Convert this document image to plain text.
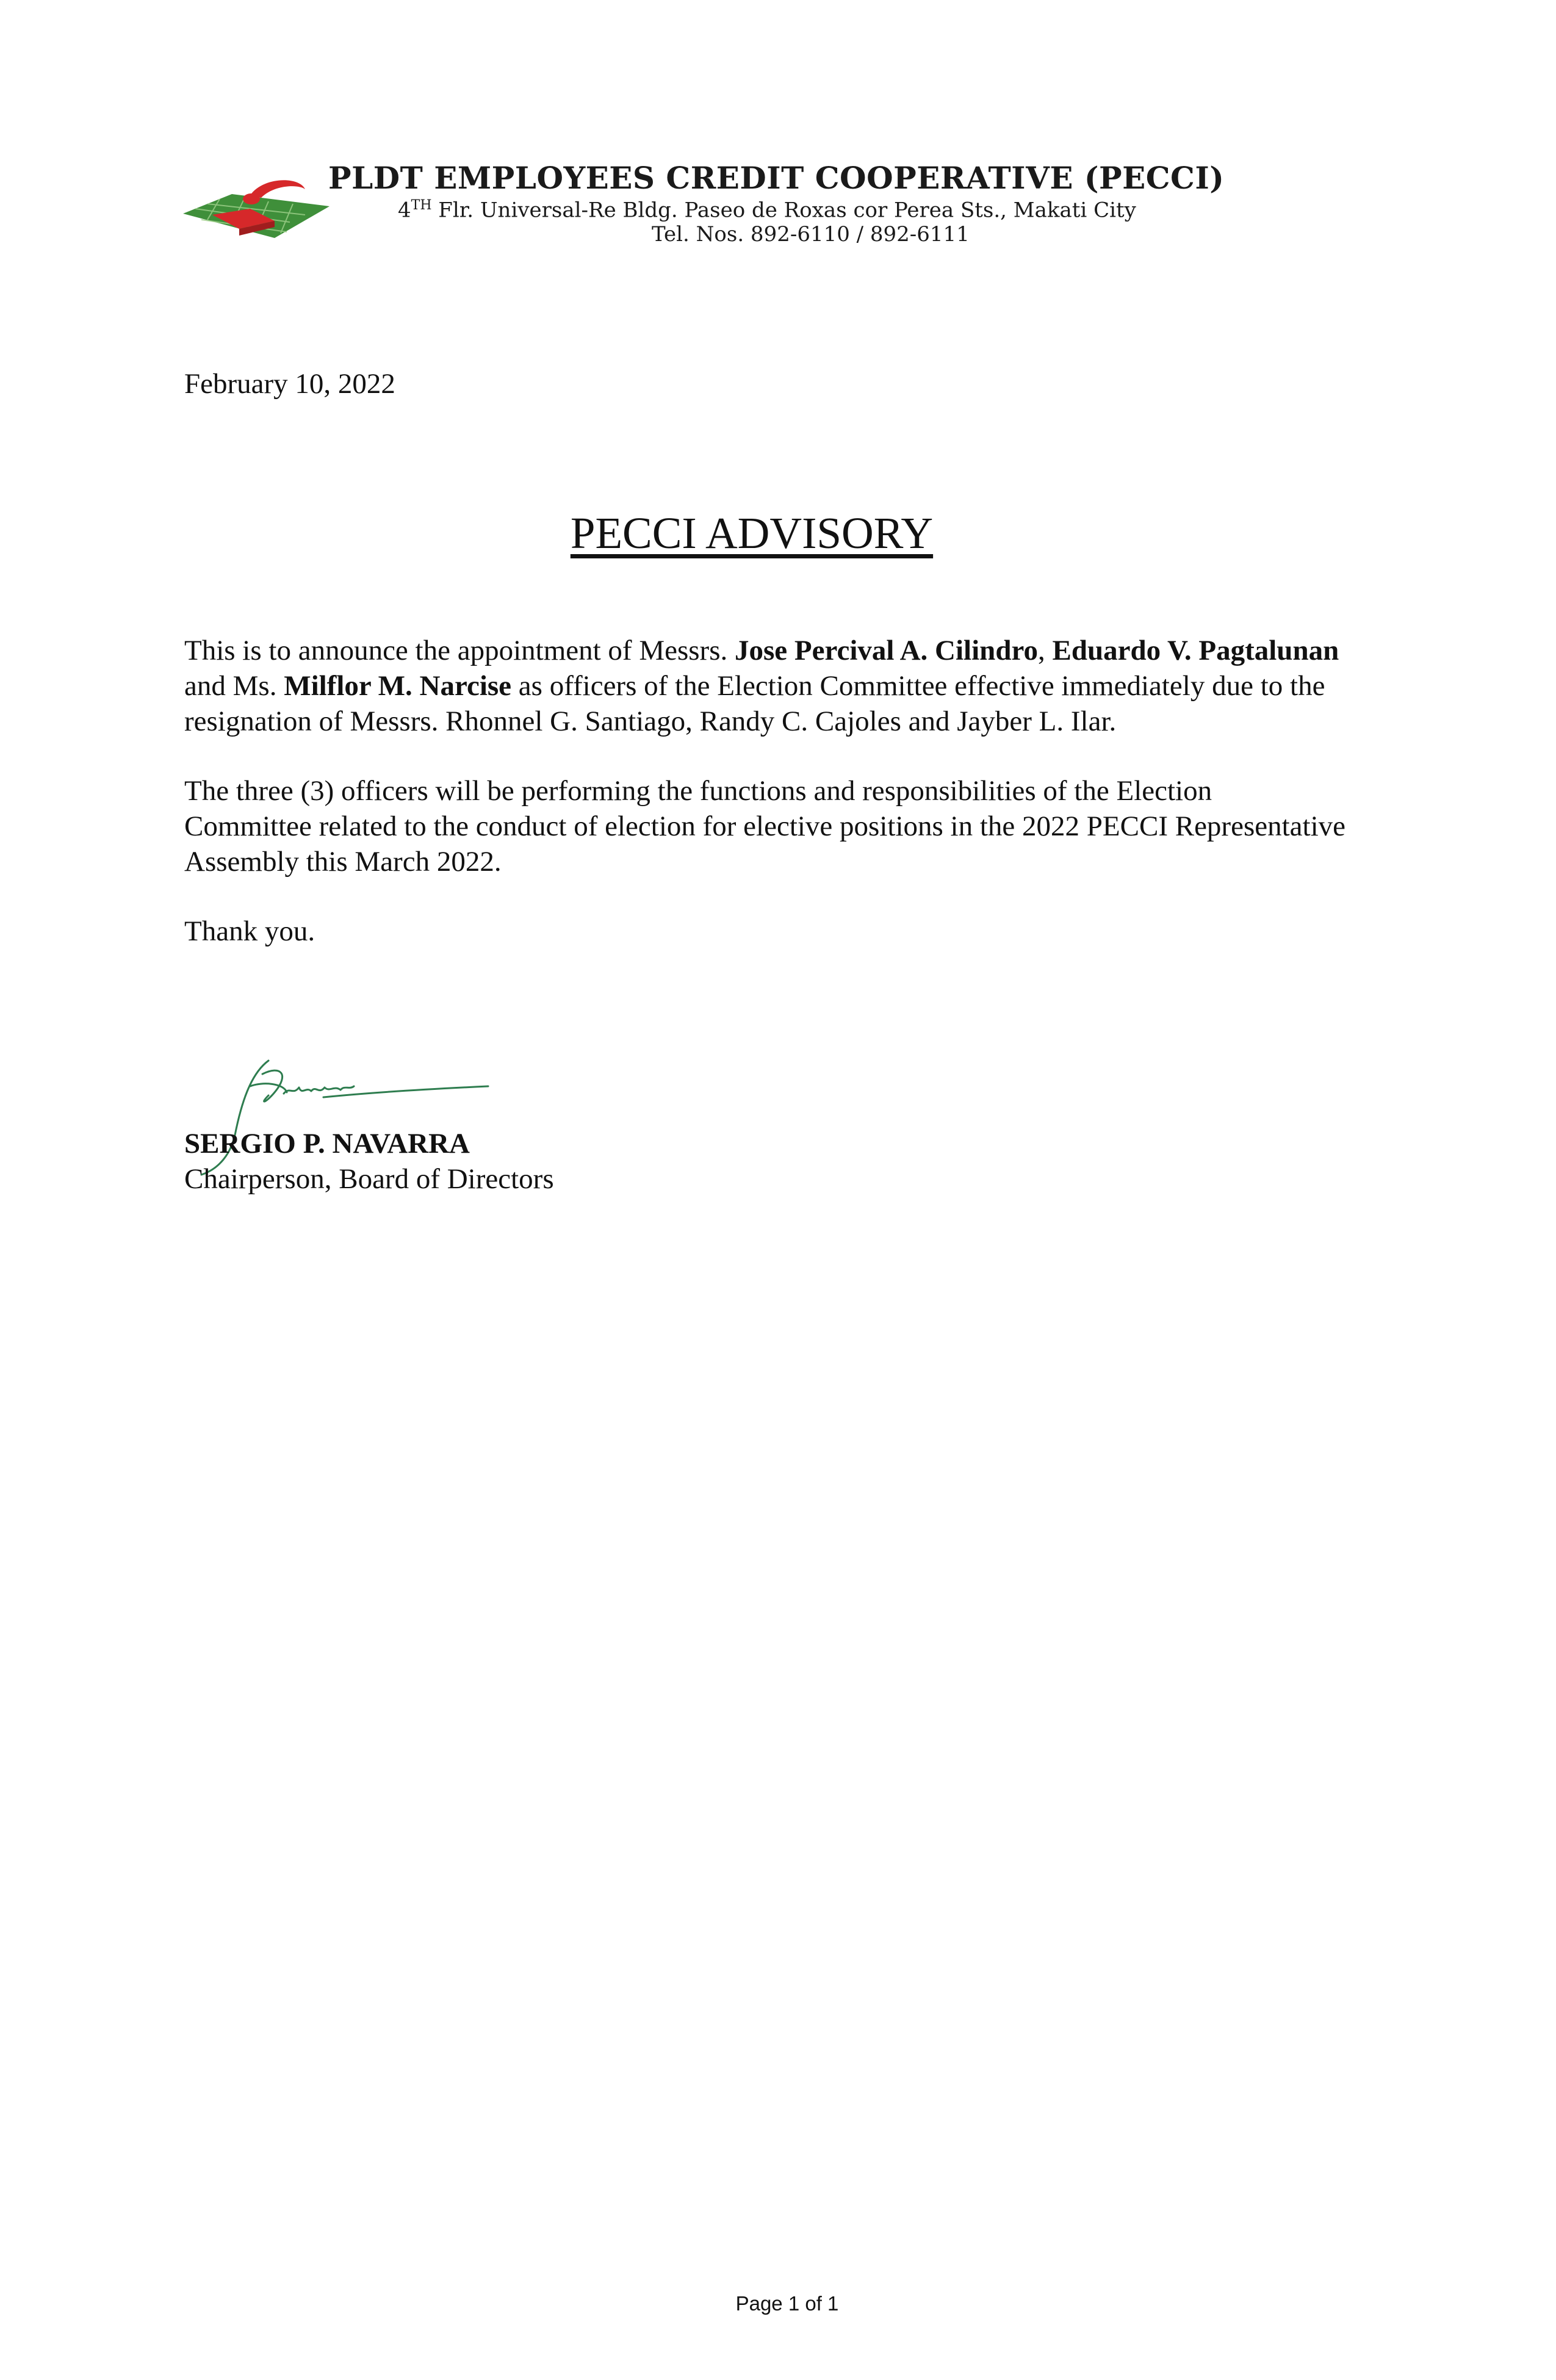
PLDT EMPLOYEES CREDIT COOPERATIVE (PECCI)
4TH Flr. Universal-Re Bldg. Paseo de Roxas cor Perea Sts., Makati City
Tel. Nos. 892-6110 / 892-6111
February 10, 2022
PECCI ADVISORY

This is to announce the appointment of Messrs. Jose Percival A. Cilindro, Eduardo V. Pagtalunan
and Ms. Milflor M. Narcise as officers of the Election Committee effective immediately due to the
resignation of Messrs. Rhonnel G. Santiago, Randy C. Cajoles and Jayber L. Ilar.

The three (3) officers will be performing the functions and responsibilities of the Election
Committee related to the conduct of election for elective positions in the 2022 PECCI Representative
Assembly this March 2022.

Thank you.

SERGIO P. NAVARRA
Chairperson, Board of Directors
Page 1 of 1
